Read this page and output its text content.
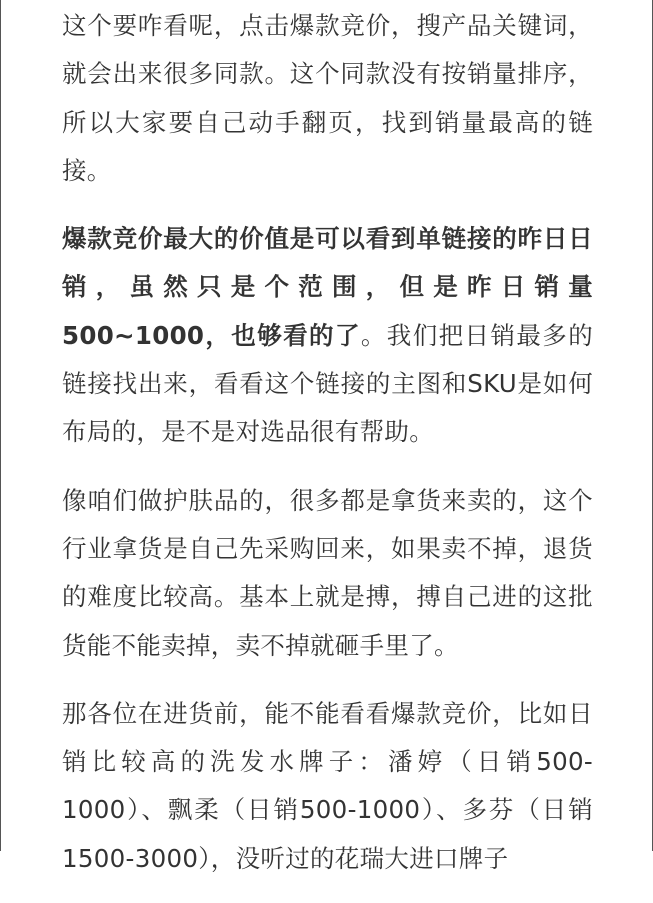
这个要咋看呢，点击爆款竞价，搜产品关键词，就会出来很多同款。这个同款没有按销量排序，所以大家要自己动手翻页，找到销量最高的链接。

爆款竞价最大的价值是可以看到单链接的昨日日销，虽然只是个范围，但是昨日销量500~1000，也够看的了。我们把日销最多的链接找出来，看看这个链接的主图和SKU是如何布局的，是不是对选品很有帮助。

像咱们做护肤品的，很多都是拿货来卖的，这个行业拿货是自己先采购回来，如果卖不掉，退货的难度比较高。基本上就是搏，搏自己进的这批货能不能卖掉，卖不掉就砸手里了。

那各位在进货前，能不能看看爆款竞价，比如日销比较高的洗发水牌子：潘婷（日销500-1000）、飘柔（日销500-1000）、多芬（日销1500-3000），没听过的花瑞大进口牌子
